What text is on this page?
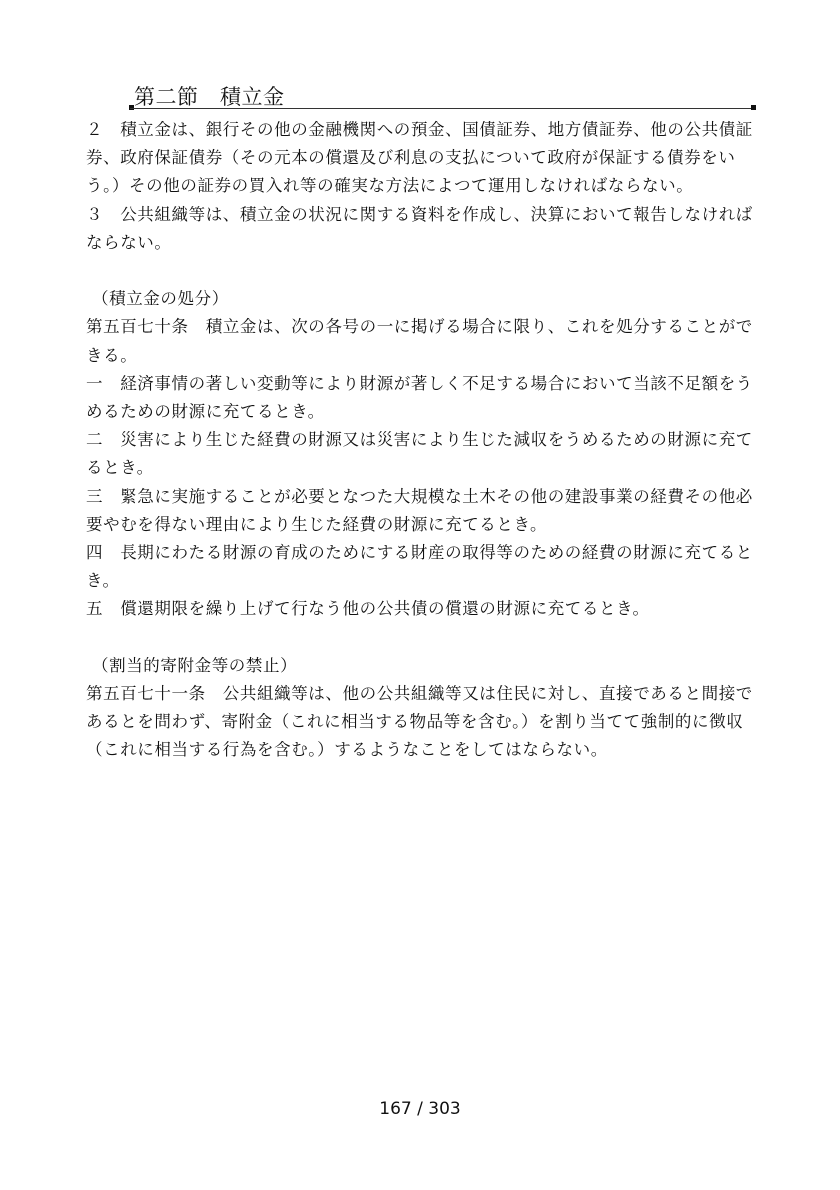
第二節　積立金

２　積立金は、銀行その他の金融機関への預金、国債証券、地方債証券、他の公共債証券、政府保証債券（その元本の償還及び利息の支払について政府が保証する債券をいう。）その他の証券の買入れ等の確実な方法によつて運用しなければならない。

３　公共組織等は、積立金の状況に関する資料を作成し、決算において報告しなければならない。

（積立金の処分）

第五百七十条　積立金は、次の各号の一に掲げる場合に限り、これを処分することができる。

一　経済事情の著しい変動等により財源が著しく不足する場合において当該不足額をうめるための財源に充てるとき。

二　災害により生じた経費の財源又は災害により生じた減収をうめるための財源に充てるとき。

三　緊急に実施することが必要となつた大規模な土木その他の建設事業の経費その他必要やむを得ない理由により生じた経費の財源に充てるとき。

四　長期にわたる財源の育成のためにする財産の取得等のための経費の財源に充てるとき。

五　償還期限を繰り上げて行なう他の公共債の償還の財源に充てるとき。

（割当的寄附金等の禁止）

第五百七十一条　公共組織等は、他の公共組織等又は住民に対し、直接であると間接であるとを問わず、寄附金（これに相当する物品等を含む。）を割り当てて強制的に徴収（これに相当する行為を含む。）するようなことをしてはならない。

167 / 303
